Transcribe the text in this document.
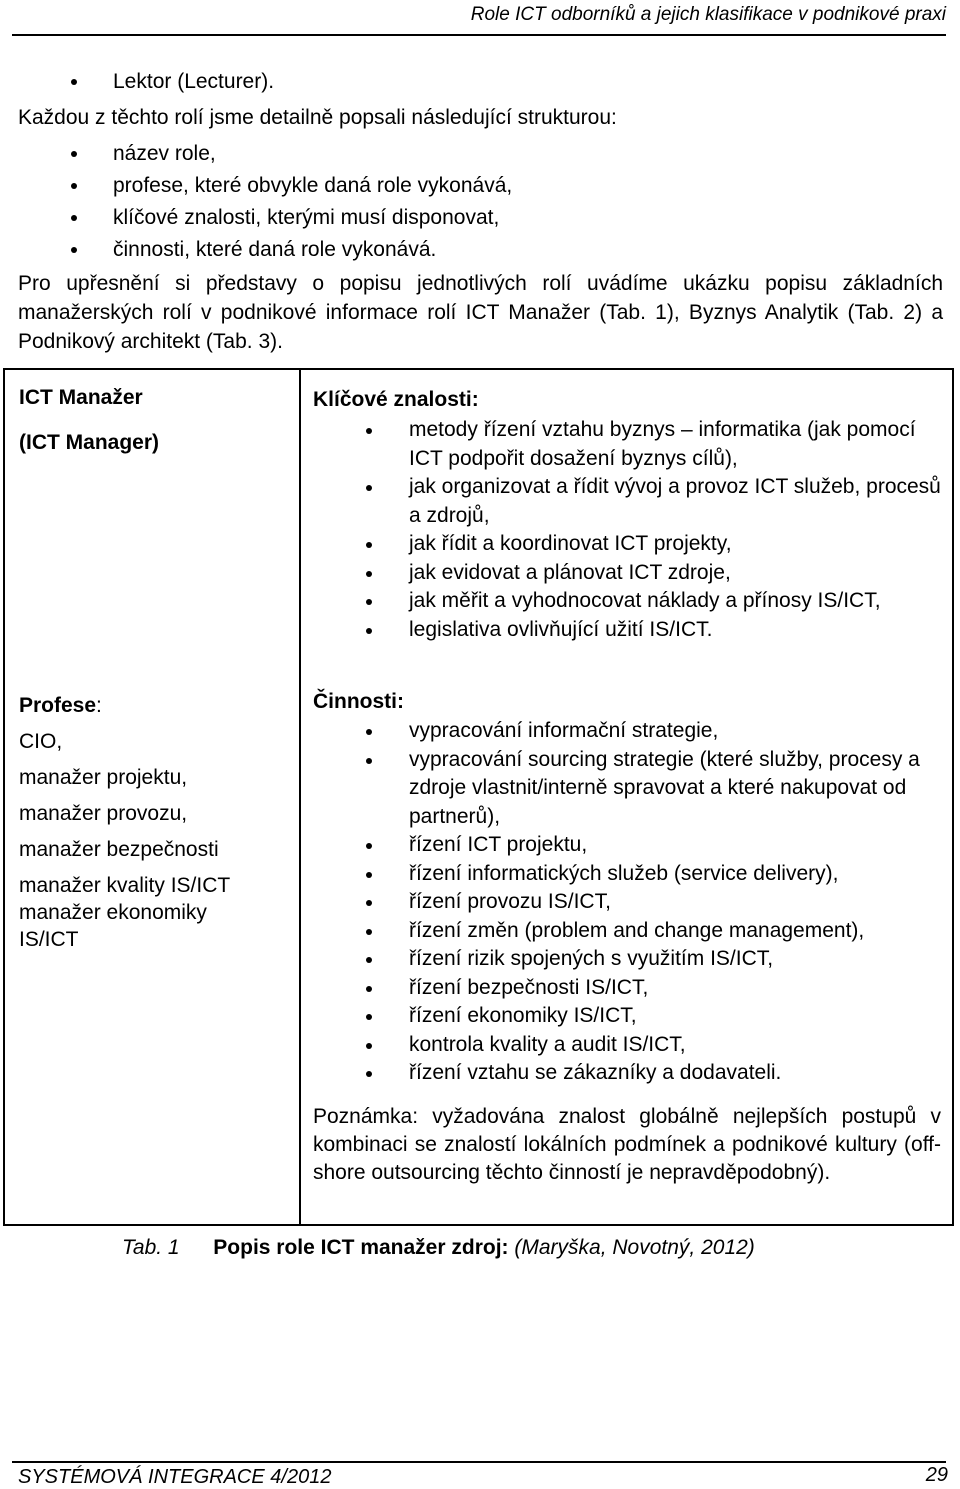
Role ICT odborníků a jejich klasifikace v podnikové praxi
Lektor (Lecturer).
Každou z těchto rolí jsme detailně popsali následující strukturou:
název role,
profese, které obvykle daná role vykonává,
klíčové znalosti, kterými musí disponovat,
činnosti, které daná role vykonává.
Pro upřesnění si představy o popisu jednotlivých rolí uvádíme ukázku popisu základních manažerských rolí v podnikové informace rolí ICT Manažer (Tab. 1), Byznys Analytik (Tab. 2) a Podnikový architekt (Tab. 3).
ICT Manažer
(ICT Manager)
Profese:
CIO,
manažer projektu,
manažer provozu,
manažer bezpečnosti
manažer kvality IS/ICT
manažer ekonomiky
IS/ICT
Klíčové znalosti:
metody řízení vztahu byznys – informatika (jak pomocí ICT podpořit dosažení byznys cílů),
jak organizovat a řídit vývoj a provoz ICT služeb, procesů a zdrojů,
jak řídit a koordinovat ICT projekty,
jak evidovat a plánovat ICT zdroje,
jak měřit a vyhodnocovat náklady a přínosy IS/ICT,
legislativa ovlivňující užití IS/ICT.
Činnosti:
vypracování informační strategie,
vypracování sourcing strategie (které služby, procesy a zdroje vlastnit/interně spravovat a které nakupovat od partnerů),
řízení ICT projektu,
řízení informatických služeb (service delivery),
řízení provozu IS/ICT,
řízení změn (problem and change management),
řízení rizik spojených s využitím IS/ICT,
řízení bezpečnosti IS/ICT,
řízení ekonomiky IS/ICT,
kontrola kvality a audit IS/ICT,
řízení vztahu se zákazníky a dodavateli.
Poznámka: vyžadována znalost globálně nejlepších postupů v kombinaci se znalostí lokálních podmínek a podnikové kultury (off-shore outsourcing těchto činností je nepravděpodobný).
Tab. 1 Popis role ICT manažer zdroj: (Maryška, Novotný, 2012)
SYSTÉMOVÁ INTEGRACE 4/2012	29
